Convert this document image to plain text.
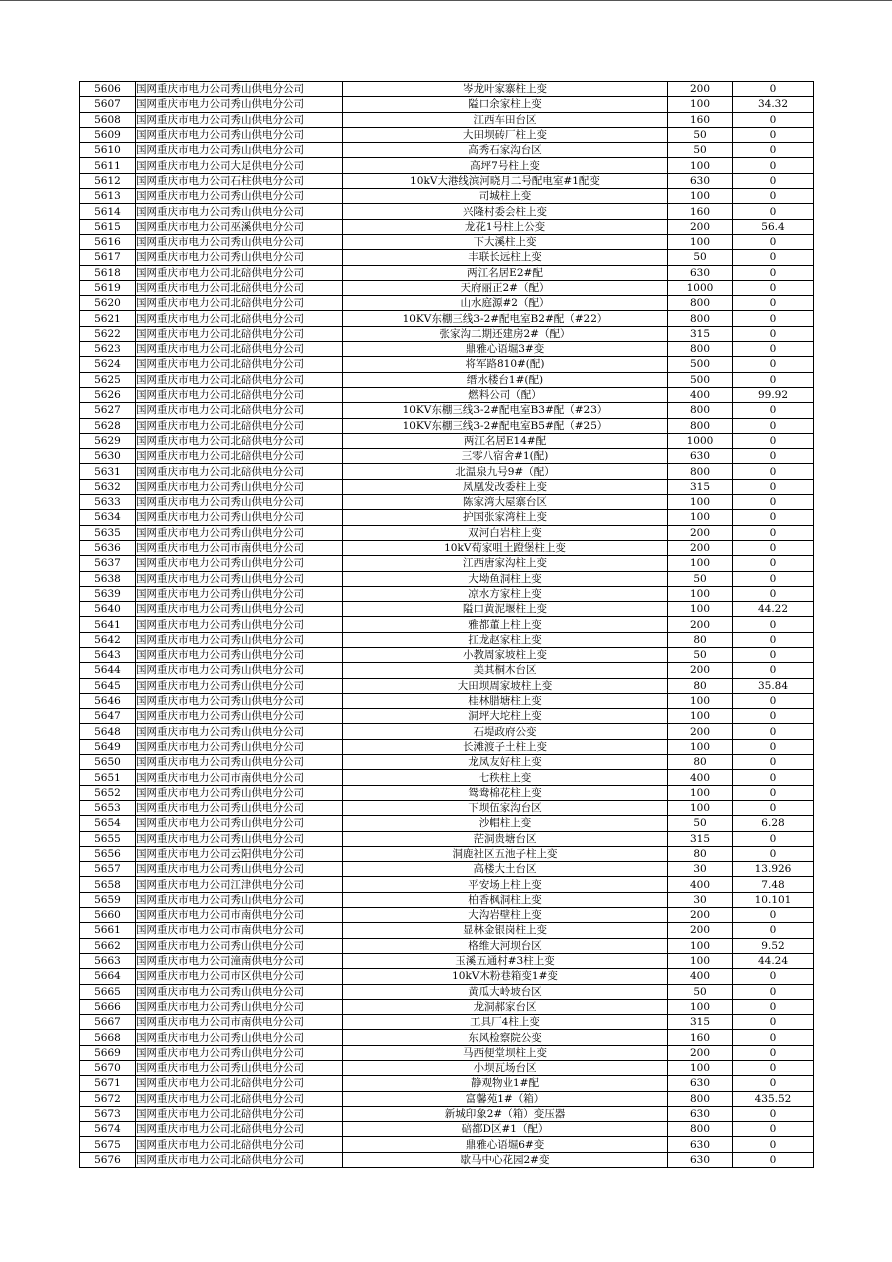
5606	国网重庆市电力公司秀山供电分公司	岑龙叶家寨柱上变	200	0
5607	国网重庆市电力公司秀山供电分公司	隘口余家柱上变	100	34.32
5608	国网重庆市电力公司秀山供电分公司	江西车田台区	160	0
5609	国网重庆市电力公司秀山供电分公司	大田坝砖厂柱上变	50	0
5610	国网重庆市电力公司秀山供电分公司	高秀石家沟台区	50	0
5611	国网重庆市电力公司大足供电分公司	高坪7号柱上变	100	0
5612	国网重庆市电力公司石柱供电分公司	10kV大港线滨河晓月二号配电室#1配变	630	0
5613	国网重庆市电力公司秀山供电分公司	司城柱上变	100	0
5614	国网重庆市电力公司秀山供电分公司	兴隆村委会柱上变	160	0
5615	国网重庆市电力公司巫溪供电分公司	龙花1号柱上公变	200	56.4
5616	国网重庆市电力公司秀山供电分公司	下大溪柱上变	100	0
5617	国网重庆市电力公司秀山供电分公司	丰联长远柱上变	50	0
5618	国网重庆市电力公司北碚供电分公司	两江名居E2#配	630	0
5619	国网重庆市电力公司北碚供电分公司	天府丽正2#（配）	1000	0
5620	国网重庆市电力公司北碚供电分公司	山水庭源#2（配）	800	0
5621	国网重庆市电力公司北碚供电分公司	10KV东棚三线3-2#配电室B2#配（#22）	800	0
5622	国网重庆市电力公司北碚供电分公司	张家沟二期还建房2#（配）	315	0
5623	国网重庆市电力公司北碚供电分公司	鼎雅心语堀3#变	800	0
5624	国网重庆市电力公司北碚供电分公司	将军路810#(配)	500	0
5625	国网重庆市电力公司北碚供电分公司	缙水楼台1#(配)	500	0
5626	国网重庆市电力公司北碚供电分公司	燃料公司（配）	400	99.92
5627	国网重庆市电力公司北碚供电分公司	10KV东棚三线3-2#配电室B3#配（#23）	800	0
5628	国网重庆市电力公司北碚供电分公司	10KV东棚三线3-2#配电室B5#配（#25）	800	0
5629	国网重庆市电力公司北碚供电分公司	两江名居E14#配	1000	0
5630	国网重庆市电力公司北碚供电分公司	三零八宿舍#1(配)	630	0
5631	国网重庆市电力公司北碚供电分公司	北温泉九号9#（配）	800	0
5632	国网重庆市电力公司秀山供电分公司	凤凰发改委柱上变	315	0
5633	国网重庆市电力公司秀山供电分公司	陈家湾大屋寨台区	100	0
5634	国网重庆市电力公司秀山供电分公司	护国张家湾柱上变	100	0
5635	国网重庆市电力公司秀山供电分公司	双河白岩柱上变	200	0
5636	国网重庆市电力公司市南供电分公司	10kV荀家咀土蹬堡柱上变	200	0
5637	国网重庆市电力公司秀山供电分公司	江西唐家沟柱上变	100	0
5638	国网重庆市电力公司秀山供电分公司	大坳鱼洞柱上变	50	0
5639	国网重庆市电力公司秀山供电分公司	凉水方家柱上变	100	0
5640	国网重庆市电力公司秀山供电分公司	隘口黄泥堰柱上变	100	44.22
5641	国网重庆市电力公司秀山供电分公司	雅都董上柱上变	200	0
5642	国网重庆市电力公司秀山供电分公司	扛龙赵家柱上变	80	0
5643	国网重庆市电力公司秀山供电分公司	小教周家坡柱上变	50	0
5644	国网重庆市电力公司秀山供电分公司	美其桐木台区	200	0
5645	国网重庆市电力公司秀山供电分公司	大田坝周家坡柱上变	80	35.84
5646	国网重庆市电力公司秀山供电分公司	桂林腊塘柱上变	100	0
5647	国网重庆市电力公司秀山供电分公司	洞坪大坨柱上变	100	0
5648	国网重庆市电力公司秀山供电分公司	石堤政府公变	200	0
5649	国网重庆市电力公司秀山供电分公司	长滩渡子土柱上变	100	0
5650	国网重庆市电力公司秀山供电分公司	龙凤友好柱上变	80	0
5651	国网重庆市电力公司市南供电分公司	七秩柱上变	400	0
5652	国网重庆市电力公司秀山供电分公司	鸳鸯棉花柱上变	100	0
5653	国网重庆市电力公司秀山供电分公司	下坝伍家沟台区	100	0
5654	国网重庆市电力公司秀山供电分公司	沙帽柱上变	50	6.28
5655	国网重庆市电力公司秀山供电分公司	茫洞贵塘台区	315	0
5656	国网重庆市电力公司云阳供电分公司	洞鹿社区五池子柱上变	80	0
5657	国网重庆市电力公司秀山供电分公司	高楼大土台区	30	13.926
5658	国网重庆市电力公司江津供电分公司	平安场上柱上变	400	7.48
5659	国网重庆市电力公司秀山供电分公司	柏香枫洞柱上变	30	10.101
5660	国网重庆市电力公司市南供电分公司	大沟岩壁柱上变	200	0
5661	国网重庆市电力公司市南供电分公司	显林金银岗柱上变	200	0
5662	国网重庆市电力公司秀山供电分公司	格维大河坝台区	100	9.52
5663	国网重庆市电力公司潼南供电分公司	玉溪五通村#3柱上变	100	44.24
5664	国网重庆市电力公司市区供电分公司	10kV木粉巷箱变1#变	400	0
5665	国网重庆市电力公司秀山供电分公司	黄瓜大岭坡台区	50	0
5666	国网重庆市电力公司秀山供电分公司	龙洞郝家台区	100	0
5667	国网重庆市电力公司市南供电分公司	工具厂4柱上变	315	0
5668	国网重庆市电力公司秀山供电分公司	东风检察院公变	160	0
5669	国网重庆市电力公司秀山供电分公司	马西便堂坝柱上变	200	0
5670	国网重庆市电力公司秀山供电分公司	小坝瓦场台区	100	0
5671	国网重庆市电力公司北碚供电分公司	静观物业1#配	630	0
5672	国网重庆市电力公司北碚供电分公司	富馨苑1#（箱）	800	435.52
5673	国网重庆市电力公司北碚供电分公司	新城印象2#（箱）变压器	630	0
5674	国网重庆市电力公司北碚供电分公司	碚都D区#1（配）	800	0
5675	国网重庆市电力公司北碚供电分公司	鼎雅心语堀6#变	630	0
5676	国网重庆市电力公司北碚供电分公司	歇马中心花园2#变	630	0
